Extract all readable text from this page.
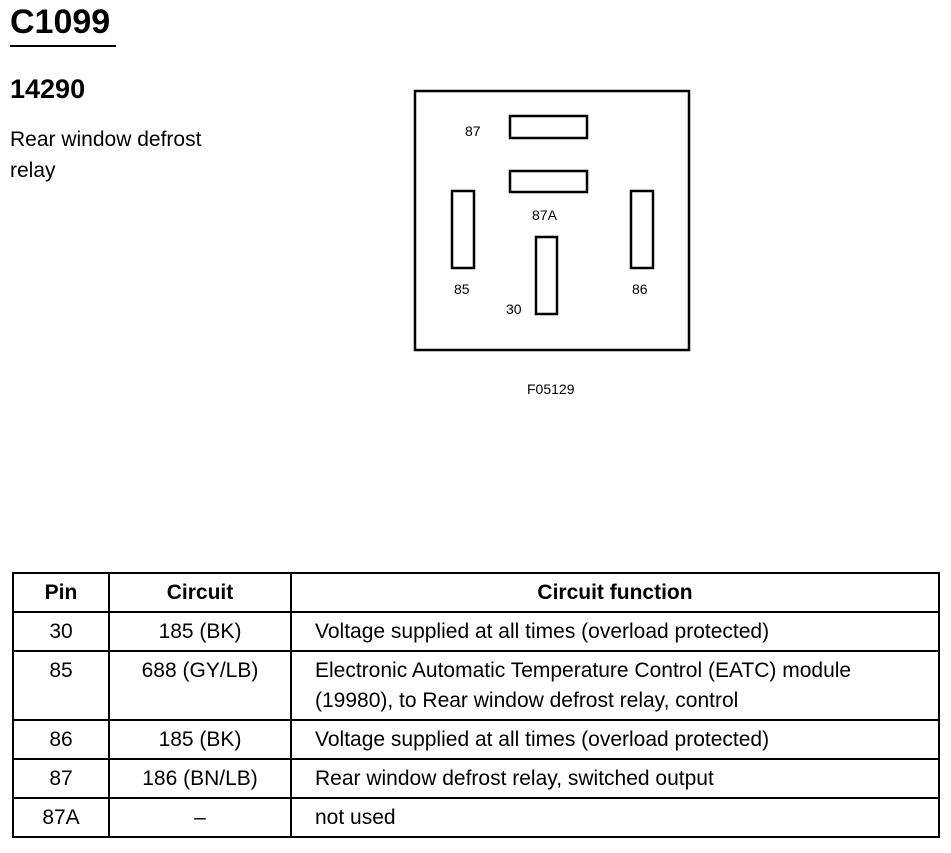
C1099
14290
Rear window defrost relay
87
87A
85
30
86
F05129
Pin	Circuit	Circuit function
30	185 (BK)	Voltage supplied at all times (overload protected)
85	688 (GY/LB)	Electronic Automatic Temperature Control (EATC) module (19980), to Rear window defrost relay, control
86	185 (BK)	Voltage supplied at all times (overload protected)
87	186 (BN/LB)	Rear window defrost relay, switched output
87A	–	not used
